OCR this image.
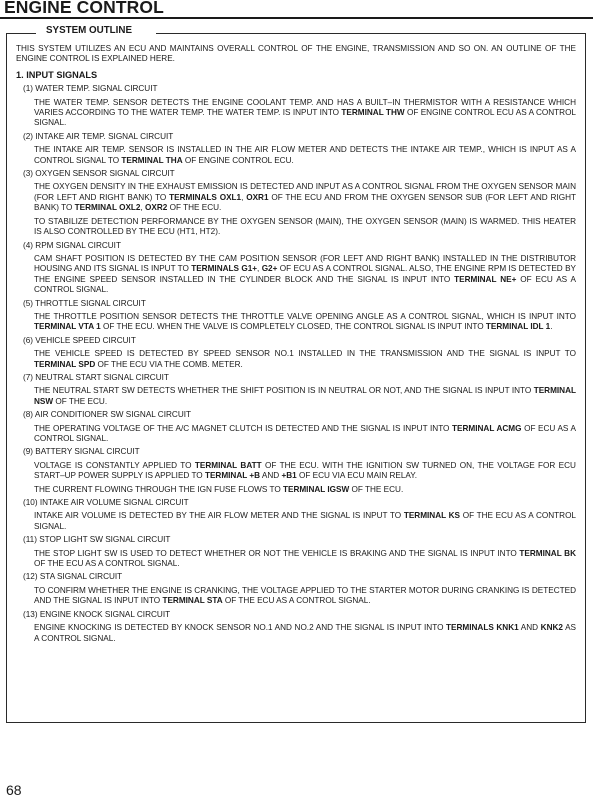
ENGINE CONTROL
SYSTEM OUTLINE

THIS SYSTEM UTILIZES AN ECU AND MAINTAINS OVERALL CONTROL OF THE ENGINE, TRANSMISSION AND SO ON. AN OUTLINE OF THE ENGINE CONTROL IS EXPLAINED HERE.

1. INPUT SIGNALS
(1) WATER TEMP. SIGNAL CIRCUIT
THE WATER TEMP. SENSOR DETECTS THE ENGINE COOLANT TEMP. AND HAS A BUILT–IN THERMISTOR WITH A RESISTANCE WHICH VARIES ACCORDING TO THE WATER TEMP. THE WATER TEMP. IS INPUT INTO TERMINAL THW OF ENGINE CONTROL ECU AS A CONTROL SIGNAL.
(2) INTAKE AIR TEMP. SIGNAL CIRCUIT
THE INTAKE AIR TEMP. SENSOR IS INSTALLED IN THE AIR FLOW METER AND DETECTS THE INTAKE AIR TEMP., WHICH IS INPUT AS A CONTROL SIGNAL TO TERMINAL THA OF ENGINE CONTROL ECU.
(3) OXYGEN SENSOR SIGNAL CIRCUIT
THE OXYGEN DENSITY IN THE EXHAUST EMISSION IS DETECTED AND INPUT AS A CONTROL SIGNAL FROM THE OXYGEN SENSOR MAIN (FOR LEFT AND RIGHT BANK) TO TERMINALS OXL1, OXR1 OF THE ECU AND FROM THE OXYGEN SENSOR SUB (FOR LEFT AND RIGHT BANK) TO TERMINAL OXL2, OXR2 OF THE ECU.
TO STABILIZE DETECTION PERFORMANCE BY THE OXYGEN SENSOR (MAIN), THE OXYGEN SENSOR (MAIN) IS WARMED. THIS HEATER IS ALSO CONTROLLED BY THE ECU (HT1, HT2).
(4) RPM SIGNAL CIRCUIT
CAM SHAFT POSITION IS DETECTED BY THE CAM POSITION SENSOR (FOR LEFT AND RIGHT BANK) INSTALLED IN THE DISTRIBUTOR HOUSING AND ITS SIGNAL IS INPUT TO TERMINALS G1+, G2+ OF ECU AS A CONTROL SIGNAL. ALSO, THE ENGINE RPM IS DETECTED BY THE ENGINE SPEED SENSOR INSTALLED IN THE CYLINDER BLOCK AND THE SIGNAL IS INPUT INTO TERMINAL NE+ OF ECU AS A CONTROL SIGNAL.
(5) THROTTLE SIGNAL CIRCUIT
THE THROTTLE POSITION SENSOR DETECTS THE THROTTLE VALVE OPENING ANGLE AS A CONTROL SIGNAL, WHICH IS INPUT INTO TERMINAL VTA 1 OF THE ECU. WHEN THE VALVE IS COMPLETELY CLOSED, THE CONTROL SIGNAL IS INPUT INTO TERMINAL IDL 1.
(6) VEHICLE SPEED CIRCUIT
THE VEHICLE SPEED IS DETECTED BY SPEED SENSOR NO.1 INSTALLED IN THE TRANSMISSION AND THE SIGNAL IS INPUT TO TERMINAL SPD OF THE ECU VIA THE COMB. METER.
(7) NEUTRAL START SIGNAL CIRCUIT
THE NEUTRAL START SW DETECTS WHETHER THE SHIFT POSITION IS IN NEUTRAL OR NOT, AND THE SIGNAL IS INPUT INTO TERMINAL NSW OF THE ECU.
(8) AIR CONDITIONER SW SIGNAL CIRCUIT
THE OPERATING VOLTAGE OF THE A/C MAGNET CLUTCH IS DETECTED AND THE SIGNAL IS INPUT INTO TERMINAL ACMG OF ECU AS A CONTROL SIGNAL.
(9) BATTERY SIGNAL CIRCUIT
VOLTAGE IS CONSTANTLY APPLIED TO TERMINAL BATT OF THE ECU. WITH THE IGNITION SW TURNED ON, THE VOLTAGE FOR ECU START–UP POWER SUPPLY IS APPLIED TO TERMINAL +B AND +B1 OF ECU VIA ECU MAIN RELAY.
THE CURRENT FLOWING THROUGH THE IGN FUSE FLOWS TO TERMINAL IGSW OF THE ECU.
(10) INTAKE AIR VOLUME SIGNAL CIRCUIT
INTAKE AIR VOLUME IS DETECTED BY THE AIR FLOW METER AND THE SIGNAL IS INPUT TO TERMINAL KS OF THE ECU AS A CONTROL SIGNAL.
(11) STOP LIGHT SW SIGNAL CIRCUIT
THE STOP LIGHT SW IS USED TO DETECT WHETHER OR NOT THE VEHICLE IS BRAKING AND THE SIGNAL IS INPUT INTO TERMINAL BK OF THE ECU AS A CONTROL SIGNAL.
(12) STA SIGNAL CIRCUIT
TO CONFIRM WHETHER THE ENGINE IS CRANKING, THE VOLTAGE APPLIED TO THE STARTER MOTOR DURING CRANKING IS DETECTED AND THE SIGNAL IS INPUT INTO TERMINAL STA OF THE ECU AS A CONTROL SIGNAL.
(13) ENGINE KNOCK SIGNAL CIRCUIT
ENGINE KNOCKING IS DETECTED BY KNOCK SENSOR NO.1 AND NO.2 AND THE SIGNAL IS INPUT INTO TERMINALS KNK1 AND KNK2 AS A CONTROL SIGNAL.
68
